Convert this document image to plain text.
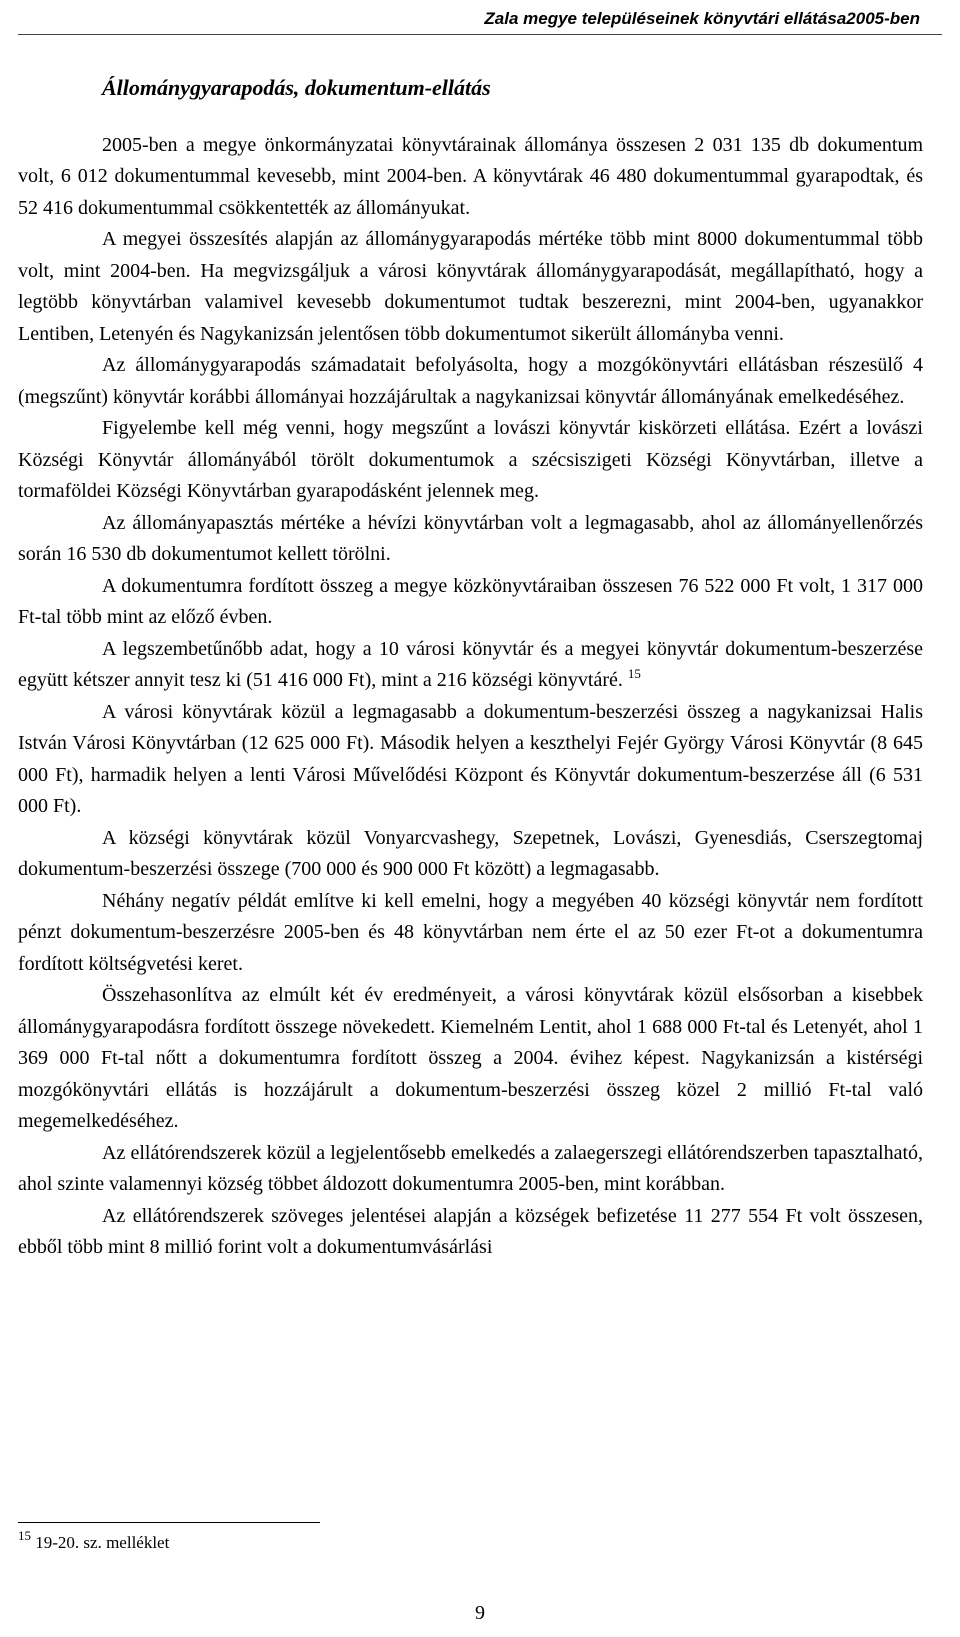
Zala megye településeinek könyvtári ellátása2005-ben
Állománygyarapodás, dokumentum-ellátás

2005-ben a megye önkormányzatai könyvtárainak állománya összesen 2 031 135 db dokumentum volt, 6 012 dokumentummal kevesebb, mint 2004-ben. A könyvtárak 46 480 dokumentummal gyarapodtak, és 52 416 dokumentummal csökkentették az állományukat.

A megyei összesítés alapján az állománygyarapodás mértéke több mint 8000 dokumentummal több volt, mint 2004-ben. Ha megvizsgáljuk a városi könyvtárak állománygyarapodását, megállapítható, hogy a legtöbb könyvtárban valamivel kevesebb dokumentumot tudtak beszerezni, mint 2004-ben, ugyanakkor Lentiben, Letenyén és Nagykanizsán jelentősen több dokumentumot sikerült állományba venni.

Az állománygyarapodás számadatait befolyásolta, hogy a mozgókönyvtári ellátásban részesülő 4 (megszűnt) könyvtár korábbi állományai hozzájárultak a nagykanizsai könyvtár állományának emelkedéséhez.

Figyelembe kell még venni, hogy megszűnt a lovászi könyvtár kiskörzeti ellátása. Ezért a lovászi Községi Könyvtár állományából törölt dokumentumok a szécsiszigeti Községi Könyvtárban, illetve a tormaföldei Községi Könyvtárban gyarapodásként jelennek meg.

Az állományapasztás mértéke a hévízi könyvtárban volt a legmagasabb, ahol az állományellenőrzés során 16 530 db dokumentumot kellett törölni.

A dokumentumra fordított összeg a megye közkönyvtáraiban összesen 76 522 000 Ft volt, 1 317 000 Ft-tal több mint az előző évben.

A legszembetűnőbb adat, hogy a 10 városi könyvtár és a megyei könyvtár dokumentum-beszerzése együtt kétszer annyit tesz ki (51 416 000 Ft), mint a 216 községi könyvtáré. $^{15}$

A városi könyvtárak közül a legmagasabb a dokumentum-beszerzési összeg a nagykanizsai Halis István Városi Könyvtárban (12 625 000 Ft). Második helyen a keszthelyi Fejér György Városi Könyvtár (8 645 000 Ft), harmadik helyen a lenti Városi Művelődési Központ és Könyvtár dokumentum-beszerzése áll (6 531 000 Ft).

A községi könyvtárak közül Vonyarcvashegy, Szepetnek, Lovászi, Gyenesdiás, Cserszegtomaj dokumentum-beszerzési összege (700 000 és 900 000 Ft között) a legmagasabb.

Néhány negatív példát említve ki kell emelni, hogy a megyében 40 községi könyvtár nem fordított pénzt dokumentum-beszerzésre 2005-ben és 48 könyvtárban nem érte el az 50 ezer Ft-ot a dokumentumra fordított költségvetési keret.

Összehasonlítva az elmúlt két év eredményeit, a városi könyvtárak közül elsősorban a kisebbek állománygyarapodásra fordított összege növekedett. Kiemelném Lentit, ahol 1 688 000 Ft-tal és Letenyét, ahol 1 369 000 Ft-tal nőtt a dokumentumra fordított összeg a 2004. évihez képest. Nagykanizsán a kistérségi mozgókönyvtári ellátás is hozzájárult a dokumentum-beszerzési összeg közel 2 millió Ft-tal való megemelkedéséhez.

Az ellátórendszerek közül a legjelentősebb emelkedés a zalaegerszegi ellátórendszerben tapasztalható, ahol szinte valamennyi község többet áldozott dokumentumra 2005-ben, mint korábban.

Az ellátórendszerek szöveges jelentései alapján a községek befizetése 11 277 554 Ft volt összesen, ebből több mint 8 millió forint volt a dokumentumvásárlási

$^{15}$ 19-20. sz. melléklet
9
